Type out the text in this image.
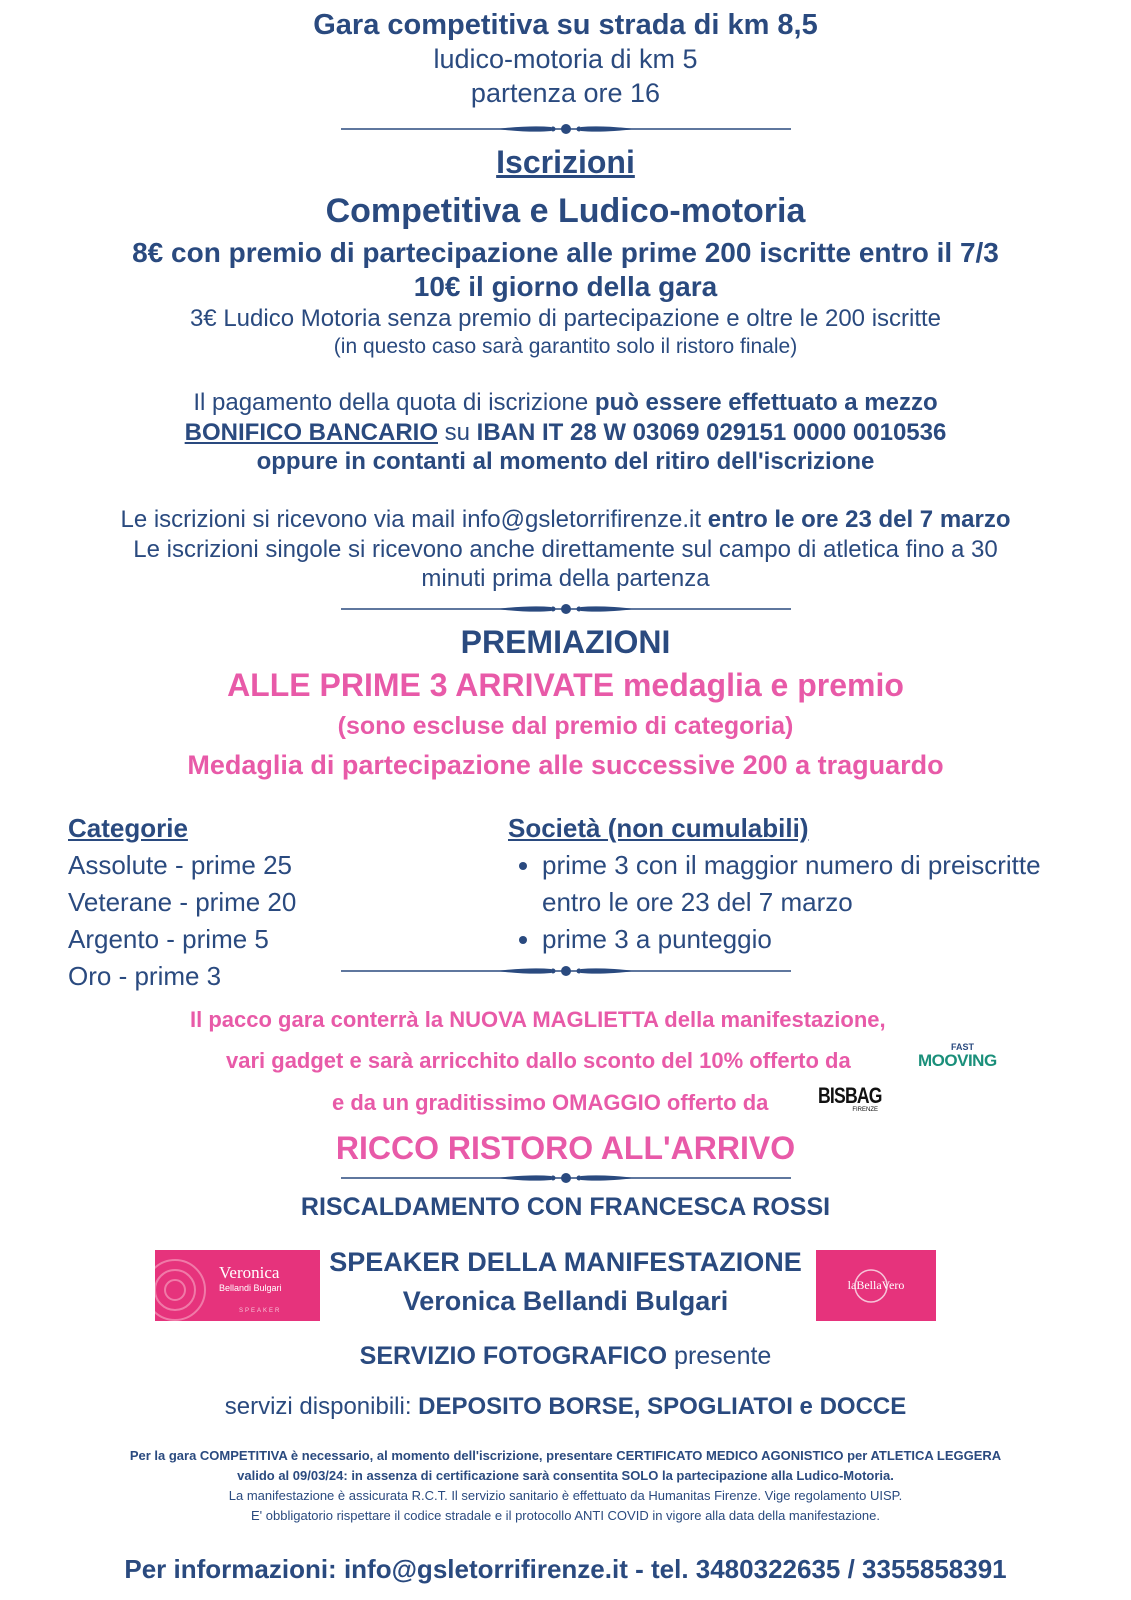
Gara competitiva su strada di km 8,5
ludico-motoria di km 5
partenza ore 16
Iscrizioni
Competitiva e Ludico-motoria
8€ con premio di partecipazione alle prime 200 iscritte entro il 7/3
10€ il giorno della gara
3€ Ludico Motoria senza premio di partecipazione e oltre le 200 iscritte
(in questo caso sarà garantito solo il ristoro finale)
Il pagamento della quota di iscrizione può essere effettuato a mezzo
BONIFICO BANCARIO su IBAN IT 28 W 03069 029151 0000 0010536
oppure in contanti al momento del ritiro dell'iscrizione
Le iscrizioni si ricevono via mail info@gsletorrifirenze.it entro le ore 23 del 7 marzo
Le iscrizioni singole si ricevono anche direttamente sul campo di atletica fino a 30
minuti prima della partenza
PREMIAZIONI
ALLE PRIME 3 ARRIVATE medaglia e premio
(sono escluse dal premio di categoria)
Medaglia di partecipazione alle successive 200 a traguardo
Categorie
Assolute - prime 25
Veterane - prime 20
Argento - prime 5
Oro - prime 3
Società (non cumulabili)
• prime 3 con il maggior numero di preiscritte entro le ore 23 del 7 marzo
• prime 3 a punteggio
Il pacco gara conterrà la NUOVA MAGLIETTA della manifestazione,
vari gadget e sarà arricchito dallo sconto del 10% offerto da
FAST
MOOVING
e da un graditissimo OMAGGIO offerto da BISBAG
FIRENZE
RICCO RISTORO ALL'ARRIVO
RISCALDAMENTO CON FRANCESCA ROSSI
Veronica
Bellandi Bulgari
SPEAKER
SPEAKER DELLA MANIFESTAZIONE
Veronica Bellandi Bulgari
laBellaVero
SERVIZIO FOTOGRAFICO presente
servizi disponibili: DEPOSITO BORSE, SPOGLIATOI e DOCCE
Per la gara COMPETITIVA è necessario, al momento dell'iscrizione, presentare CERTIFICATO MEDICO AGONISTICO per ATLETICA LEGGERA
valido al 09/03/24: in assenza di certificazione sarà consentita SOLO la partecipazione alla Ludico-Motoria.
La manifestazione è assicurata R.C.T. Il servizio sanitario è effettuato da Humanitas Firenze. Vige regolamento UISP.
E' obbligatorio rispettare il codice stradale e il protocollo ANTI COVID in vigore alla data della manifestazione.
Per informazioni: info@gsletorrifirenze.it - tel. 3480322635 / 3355858391
